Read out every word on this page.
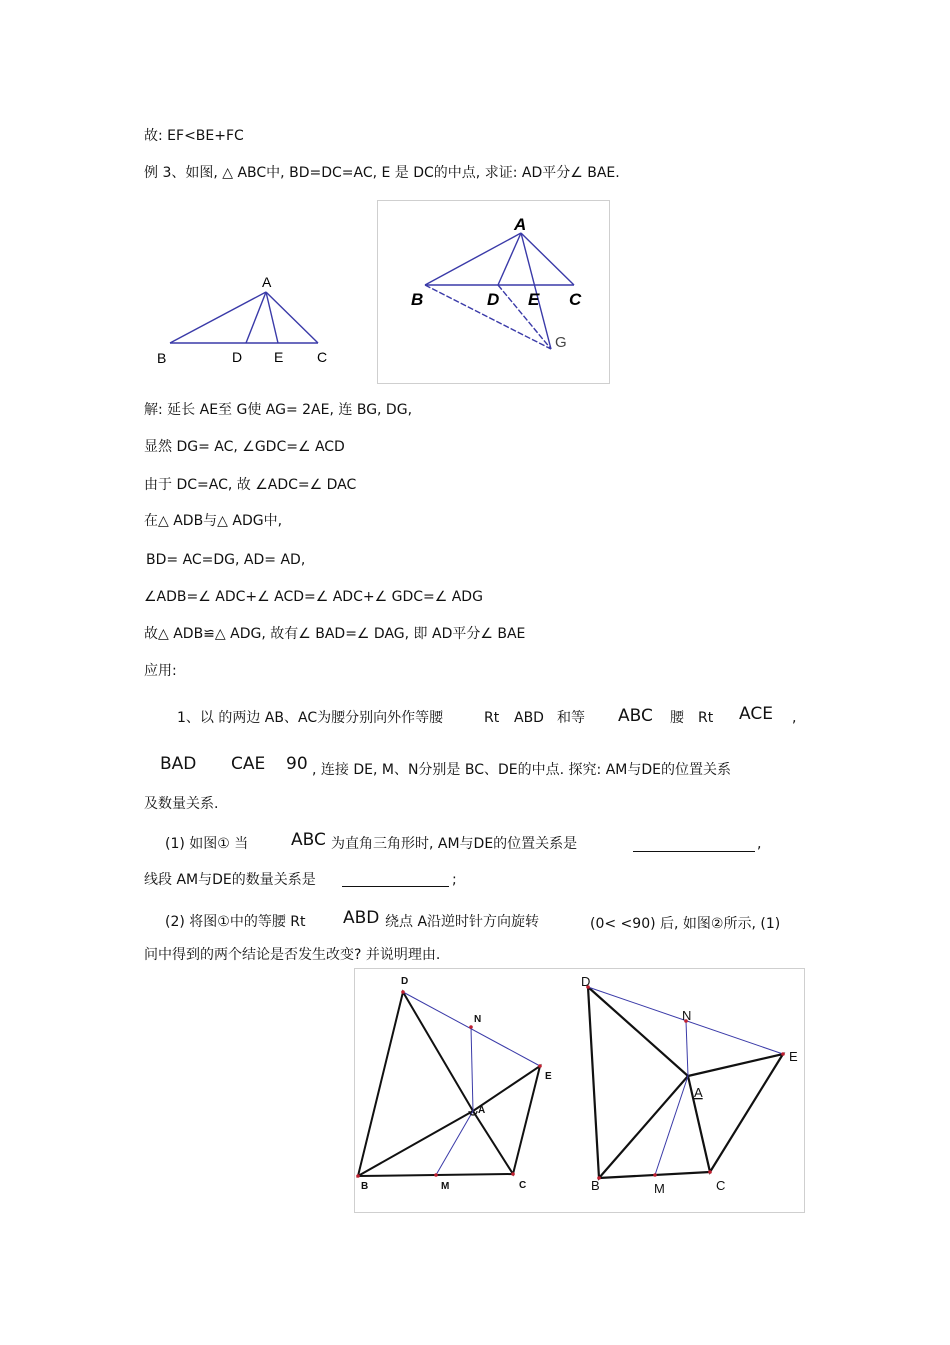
故: EF<BE+FC
例 3、如图, △ ABC中, BD=DC=AC, E 是 DC的中点, 求证: AD平分∠ BAE.
A
B	D E C
A
B	D E C
G
解: 延长 AE至 G使 AG= 2AE, 连 BG, DG,
显然 DG= AC, ∠GDC=∠ ACD
由于 DC=AC, 故 ∠ADC=∠ DAC
在△ ADB与△ ADG中,
BD= AC=DG, AD= AD,
∠ADB=∠ ADC+∠ ACD=∠ ADC+∠ GDC=∠ ADG
故△ ADB≌△ ADG, 故有∠ BAD=∠ DAG, 即 AD平分∠ BAE
应用:
1、以 的两边 AB、AC为腰分别向外作等腰	Rt ABD 和等 ABC 腰 Rt ACE ,
BAD CAE 90 , 连接 DE, M、N分别是 BC、DE的中点. 探究: AM与DE的位置关系
及数量关系.
(1) 如图① 当	ABC 为直角三角形时, AM与DE的位置关系是	,
线段 AM与DE的数量关系是	;
(2) 将图①中的等腰 Rt ABD 绕点 A沿逆时针方向旋转	(0< <90) 后, 如图②所示, (1)
问中得到的两个结论是否发生改变? 并说明理由.
D
N
E
A
B	M	C
D
N
E
A
B	M	C
